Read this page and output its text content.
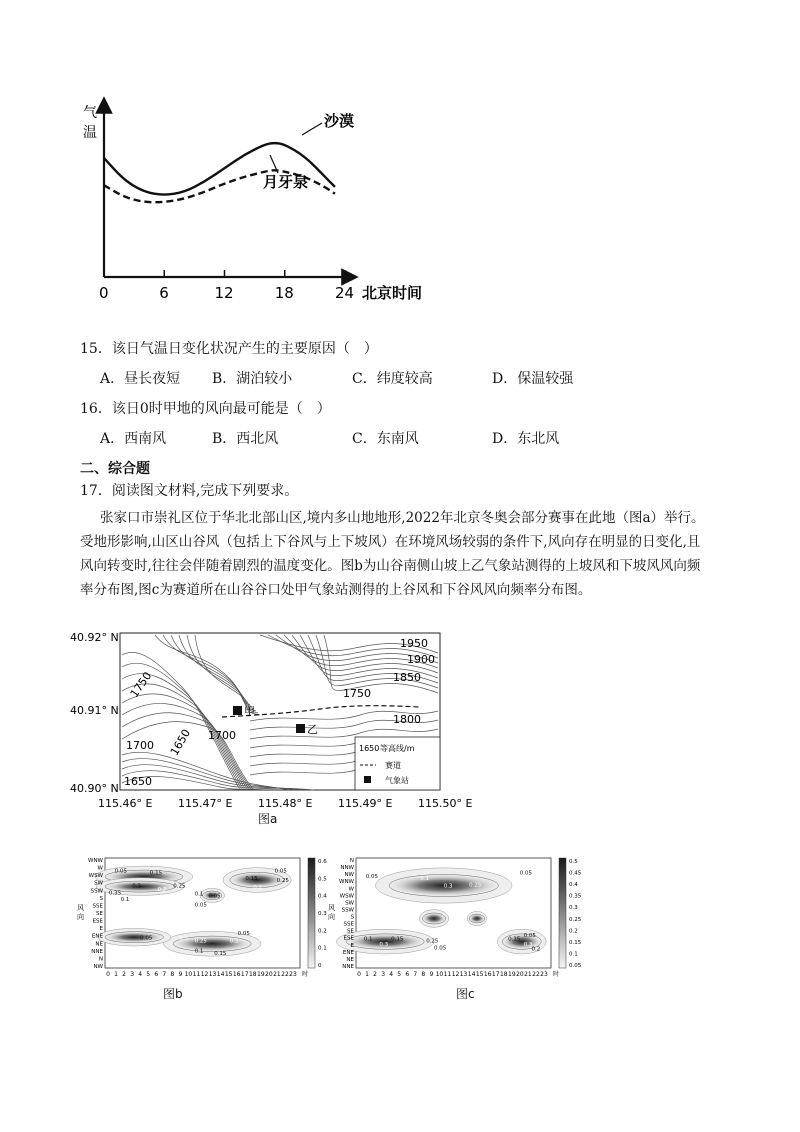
气
温
0	6	12	18	24 北京时间
沙漠
月牙泉
15．该日气温日变化状况产生的主要原因（　）
A．昼长夜短 B．湖泊较小	C．纬度较高	D．保温较强
16．该日0时甲地的风向最可能是（　）
A．西南风	B．西北风	C．东南风	D．东北风
二、综合题
17．阅读图文材料,完成下列要求。
张家口市崇礼区位于华北北部山区,境内多山地地形,2022年北京冬奥会部分赛事在此地（图a）举行。
受地形影响,山区山谷风（包括上下谷风与上下坡风）在环境风场较弱的条件下,风向存在明显的日变化,且
风向转变时,往往会伴随着剧烈的温度变化。图b为山谷南侧山坡上乙气象站测得的上坡风和下坡风风向频
率分布图,图c为赛道所在山谷谷口处甲气象站测得的上谷风和下谷风风向频率分布图。
40.92° N
40.91° N
40.90° N
1950
1900
1850
1750
1800
1750
1700
1650
1700
1650
甲
乙
1650 等高线/m
赛道
气象站
115.46° E 115.47° E 115.48° E 115.49° E 115.50° E
图a
WNW
W
WSW
SW
SSW
S
SSE
SE
ESE
E
ENE
NE
NNE
N
NW
0 1 2 3 4 5 6 7 8 9 10 11 12 13 14 15 16 17 18 19 20 21 22 23 时
风
向
0.05	0.15
0.35
0.3
0.2
0.25
0.1
0.05
0.1 0.05
0.15	0.25
0.2
0.05
0.05	0.3
0.25
0.1
0.3
0.15
0.05
0.6
0.5
0.4
0.3
0.2
0.1
0
图b
N
NNW
NW
WNW
W
WSW
SW
SSW
S
SSE
SE
ESE
E
ENE
NE
NNE
0 1 2 3 4 5 6 7 8 9 10 11 12 13 14 15 16 17 18 19 20 21 22 23 时
风
向
0.05	0.1
0.3	0.25
0.05
0.1	0.15
0.3
0.25
0.05
0.15
0.3
0.2
0.05
0.5
0.45
0.4
0.35
0.3
0.25
0.2
0.15
0.1
0.05
图c
